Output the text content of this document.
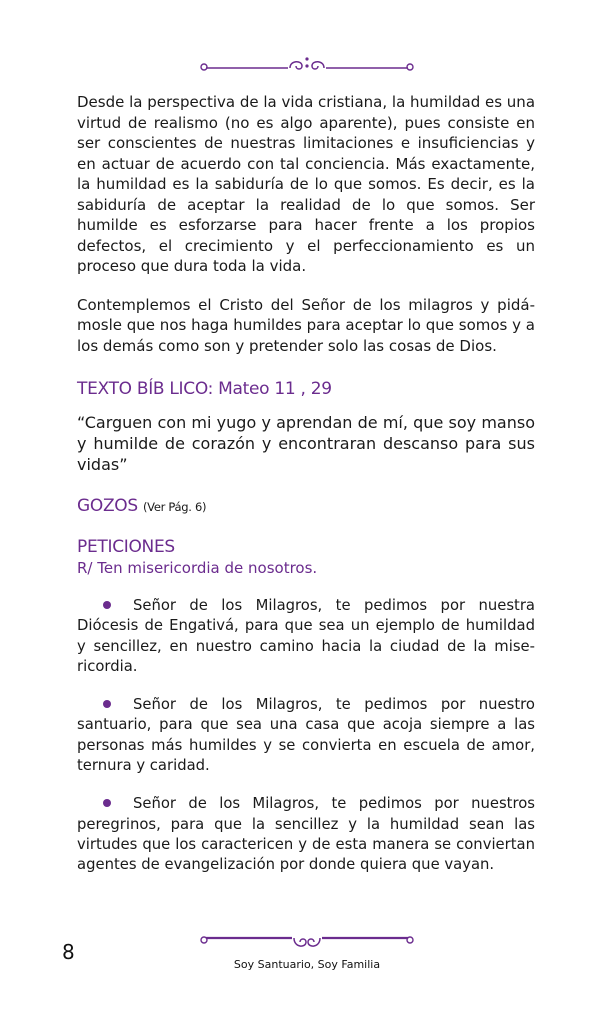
Desde la perspectiva de la vida cristiana, la humildad es una virtud de realismo (no es algo aparente), pues consiste en ser conscientes de nuestras limitaciones e insuficiencias y en actuar de acuerdo con tal conciencia. Más exactamente, la humildad es la sabiduría de lo que somos. Es decir, es la sabiduría de aceptar la realidad de lo que somos. Ser humilde es esforzarse para hacer frente a los propios defectos, el crecimiento y el perfeccionamiento es un proceso que dura toda la vida.

Contemplemos el Cristo del Señor de los milagros y pidámosle que nos haga humildes para aceptar lo que somos y a los demás como son y pretender solo las cosas de Dios.

TEXTO BÍB LICO: Mateo 11 , 29

“Carguen con mi yugo y aprendan de mí, que soy manso y humilde de corazón y encontraran descanso para sus vidas”

GOZOS (Ver Pág. 6)

PETICIONES

R/ Ten misericordia de nosotros.

Señor de los Milagros, te pedimos por nuestra Diócesis de Engativá, para que sea un ejemplo de humildad y sencillez, en nuestro camino hacia la ciudad de la misericordia.

Señor de los Milagros, te pedimos por nuestro santuario, para que sea una casa que acoja siempre a las personas más humildes y se convierta en escuela de amor, ternura y caridad.

Señor de los Milagros, te pedimos por nuestros peregrinos, para que la sencillez y la humildad sean las virtudes que los caractericen y de esta manera se conviertan agentes de evangelización por donde quiera que vayan.

8
Soy Santuario, Soy Familia
